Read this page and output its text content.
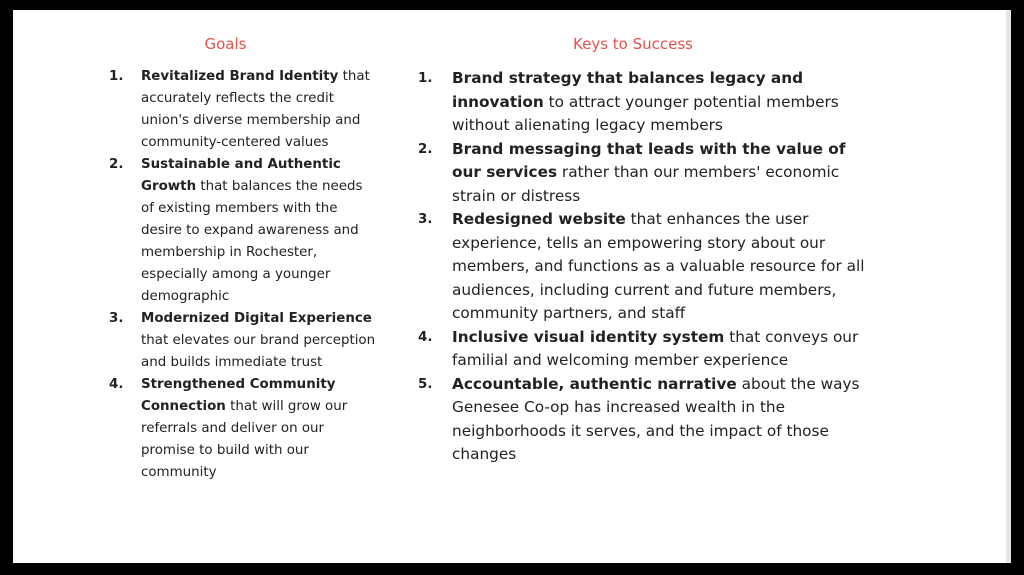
Goals	Keys to Success
1. Revitalized Brand Identity that accurately reflects the credit union's diverse membership and community-centered values
2. Sustainable and Authentic Growth that balances the needs of existing members with the desire to expand awareness and membership in Rochester, especially among a younger demographic
3. Modernized Digital Experience that elevates our brand perception and builds immediate trust
4. Strengthened Community Connection that will grow our referrals and deliver on our promise to build with our community
1. Brand strategy that balances legacy and innovation to attract younger potential members without alienating legacy members
2. Brand messaging that leads with the value of our services rather than our members' economic strain or distress
3. Redesigned website that enhances the user experience, tells an empowering story about our members, and functions as a valuable resource for all audiences, including current and future members, community partners, and staff
4. Inclusive visual identity system that conveys our familial and welcoming member experience
5. Accountable, authentic narrative about the ways Genesee Co-op has increased wealth in the neighborhoods it serves, and the impact of those changes
